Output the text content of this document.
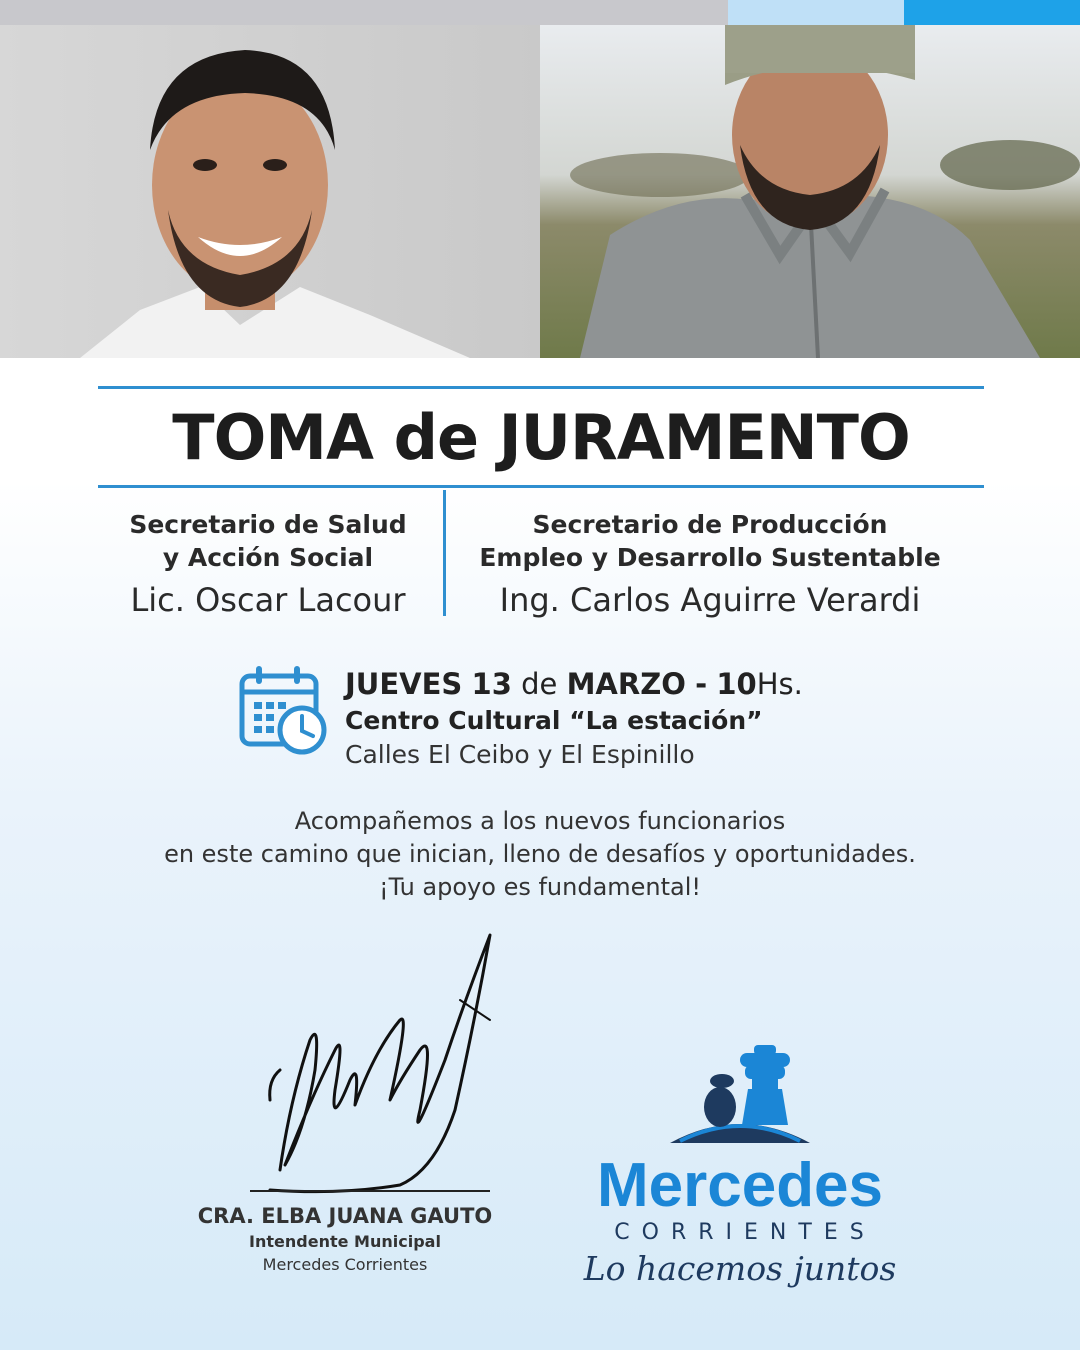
TOMA de JURAMENTO
Secretario de Salud
y Acción Social
Lic. Oscar Lacour
Secretario de Producción
Empleo y Desarrollo Sustentable
Ing. Carlos Aguirre Verardi
JUEVES 13 de MARZO - 10Hs.
Centro Cultural “La estación”
Calles El Ceibo y El Espinillo
Acompañemos a los nuevos funcionarios
en este camino que inician, lleno de desafíos y oportunidades.
¡Tu apoyo es fundamental!
CRA. ELBA JUANA GAUTO
Intendente Municipal
Mercedes Corrientes
Mercedes
CORRIENTES
Lo hacemos juntos
